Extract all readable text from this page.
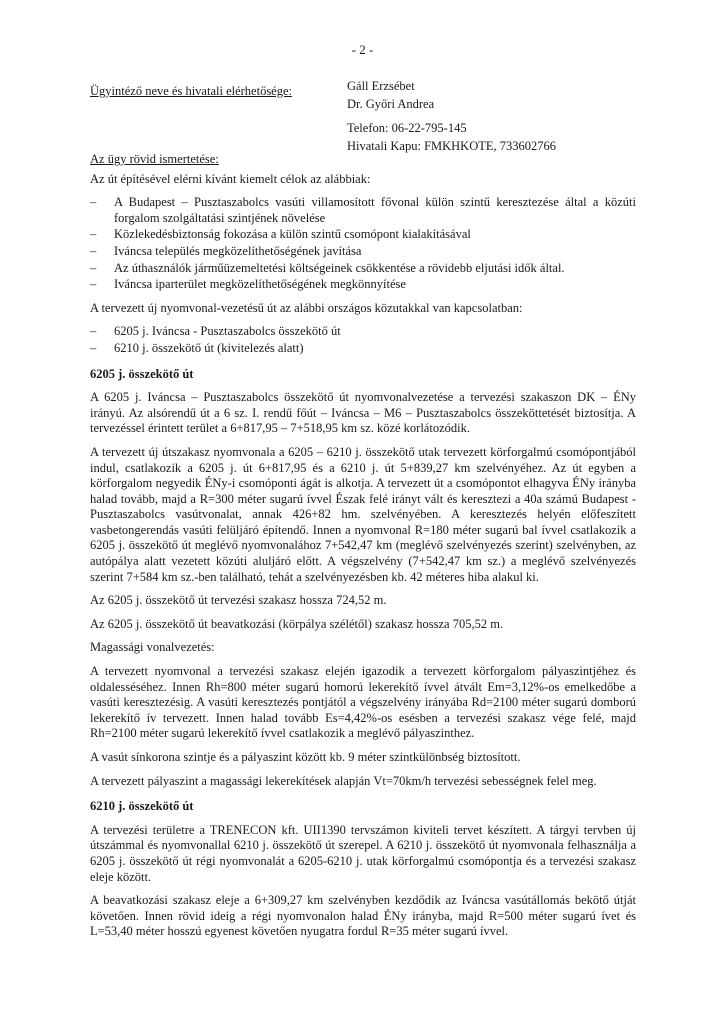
- 2 -
Ügyintéző neve és hivatali elérhetősége:	Gáll Erzsébet
Dr. Győri Andrea
Telefon: 06-22-795-145
Hivatali Kapu: FMKHKOTE, 733602766
Az ügy rövid ismertetése:

Az út építésével elérni kívánt kiemelt célok az alábbiak:

– A Budapest – Pusztaszabolcs vasúti villamosított fővonal külön szintű keresztezése által a közúti forgalom szolgáltatási szintjének növelése
– Közlekedésbiztonság fokozása a külön szintű csomópont kialakításával
– Iváncsa település megközelíthetőségének javítása
– Az úthasználók járműüzemeltetési költségeinek csökkentése a rövidebb eljutási idők által.
– Iváncsa iparterület megközelíthetőségének megkönnyítése

A tervezett új nyomvonal-vezetésű út az alábbi országos közutakkal van kapcsolatban:

– 6205 j. Iváncsa - Pusztaszabolcs összekötő út
– 6210 j. összekötő út (kivitelezés alatt)
6205 j. összekötő út

A 6205 j. Iváncsa – Pusztaszabolcs összekötő út nyomvonalvezetése a tervezési szakaszon DK – ÉNy irányú. Az alsórendű út a 6 sz. I. rendű főút – Iváncsa – M6 – Pusztaszabolcs összeköttetését biztosítja. A tervezéssel érintett terület a 6+817,95 – 7+518,95 km sz. közé korlátozódik.

A tervezett új útszakasz nyomvonala a 6205 – 6210 j. összekötő utak tervezett körforgalmú csomópontjából indul, csatlakozik a 6205 j. út 6+817,95 és a 6210 j. út 5+839,27 km szelvényéhez. Az út egyben a körforgalom negyedik ÉNy-i csomóponti ágát is alkotja. A tervezett út a csomópontot elhagyva ÉNy irányba halad tovább, majd a R=300 méter sugarú ívvel Észak felé irányt vált és keresztezi a 40a számú Budapest - Pusztaszabolcs vasútvonalat, annak 426+82 hm. szelvényében. A keresztezés helyén előfeszített vasbetongerendás vasúti felüljáró építendő. Innen a nyomvonal R=180 méter sugarú bal ívvel csatlakozik a 6205 j. összekötő út meglévő nyomvonalához 7+542,47 km (meglévő szelvényezés szerint) szelvényben, az autópálya alatt vezetett közúti aluljáró előtt. A végszelvény (7+542,47 km sz.) a meglévő szelvényezés szerint 7+584 km sz.-ben található, tehát a szelvényezésben kb. 42 méteres hiba alakul ki.

Az 6205 j. összekötő út tervezési szakasz hossza 724,52 m.

Az 6205 j. összekötő út beavatkozási (körpálya szélétől) szakasz hossza 705,52 m.

Magassági vonalvezetés:

A tervezett nyomvonal a tervezési szakasz elején igazodik a tervezett körforgalom pályaszintjéhez és oldalesséséhez. Innen Rh=800 méter sugarú homorú lekerekítő ívvel átvált Em=3,12%-os emelkedőbe a vasúti keresztezésig. A vasúti keresztezés pontjától a végszelvény irányába Rd=2100 méter sugarú domború lekerekítő ív tervezett. Innen halad tovább Es=4,42%-os esésben a tervezési szakasz vége felé, majd Rh=2100 méter sugarú lekerekítő ívvel csatlakozik a meglévő pályaszinthez.

A vasút sínkorona szintje és a pályaszint között kb. 9 méter szintkülönbség biztosított.

A tervezett pályaszint a magassági lekerekítések alapján Vt=70km/h tervezési sebességnek felel meg.

6210 j. összekötő út

A tervezési területre a TRENECON kft. UII1390 tervszámon kiviteli tervet készített. A tárgyi tervben új útszámmal és nyomvonallal 6210 j. összekötő út szerepel. A 6210 j. összekötő út nyomvonala felhasználja a 6205 j. összekötő út régi nyomvonalát a 6205-6210 j. utak körforgalmú csomópontja és a tervezési szakasz eleje között.

A beavatkozási szakasz eleje a 6+309,27 km szelvényben kezdődik az Iváncsa vasútállomás bekötő útját követően. Innen rövid ideig a régi nyomvonalon halad ÉNy irányba, majd R=500 méter sugarú ívet és L=53,40 méter hosszú egyenest követően nyugatra fordul R=35 méter sugarú ívvel.
